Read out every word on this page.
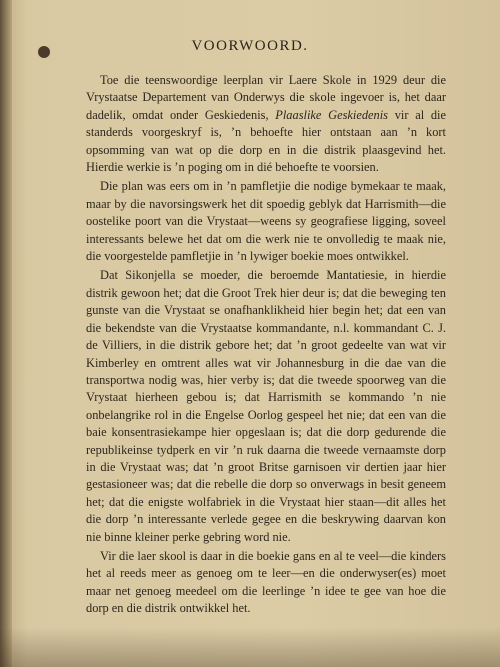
VOORWOORD.

Toe die teenswoordige leerplan vir Laere Skole in 1929 deur die Vrystaatse Departement van Onderwys die skole ingevoer is, het daar dadelik, omdat onder Geskiedenis, Plaaslike Geskiedenis vir al die standerds voorgeskryf is, ’n behoefte hier ontstaan aan ’n kort opsomming van wat op die dorp en in die distrik plaasgevind het. Hierdie werkie is ’n poging om in dié behoefte te voorsien.

Die plan was eers om in ’n pamfletjie die nodige bymekaar te maak, maar by die navorsingswerk het dit spoedig geblyk dat Harrismith—die oostelike poort van die Vrystaat—weens sy geografiese ligging, soveel interessants belewe het dat om die werk nie te onvolledig te maak nie, die voorgestelde pamfletjie in ’n lywiger boekie moes ontwikkel.

Dat Sikonjella se moeder, die beroemde Mantatiesie, in hierdie distrik gewoon het; dat die Groot Trek hier deur is; dat die beweging ten gunste van die Vrystaat se onafhanklikheid hier begin het; dat een van die bekendste van die Vrystaatse kommandante, n.l. kommandant C. J. de Villiers, in die distrik gebore het; dat ’n groot gedeelte van wat vir Kimberley en omtrent alles wat vir Johannesburg in die dae van die transportwa nodig was, hier verby is; dat die tweede spoorweg van die Vrystaat hierheen gebou is; dat Harrismith se kommando ’n nie onbelangrike rol in die Engelse Oorlog gespeel het nie; dat een van die baie konsentrasiekampe hier opgeslaan is; dat die dorp gedurende die republikeinse tydperk en vir ’n ruk daarna die tweede vernaamste dorp in die Vrystaat was; dat ’n groot Britse garnisoen vir dertien jaar hier gestasioneer was; dat die rebelle die dorp so onverwags in besit geneem het; dat die enigste wolfabriek in die Vrystaat hier staan—dit alles het die dorp ’n interessante verlede gegee en die beskrywing daarvan kon nie binne kleiner perke gebring word nie.

Vir die laer skool is daar in die boekie gans en al te veel—die kinders het al reeds meer as genoeg om te leer—en die onderwyser(es) moet maar net genoeg meedeel om die leerlinge ’n idee te gee van hoe die dorp en die distrik ontwikkel het.
